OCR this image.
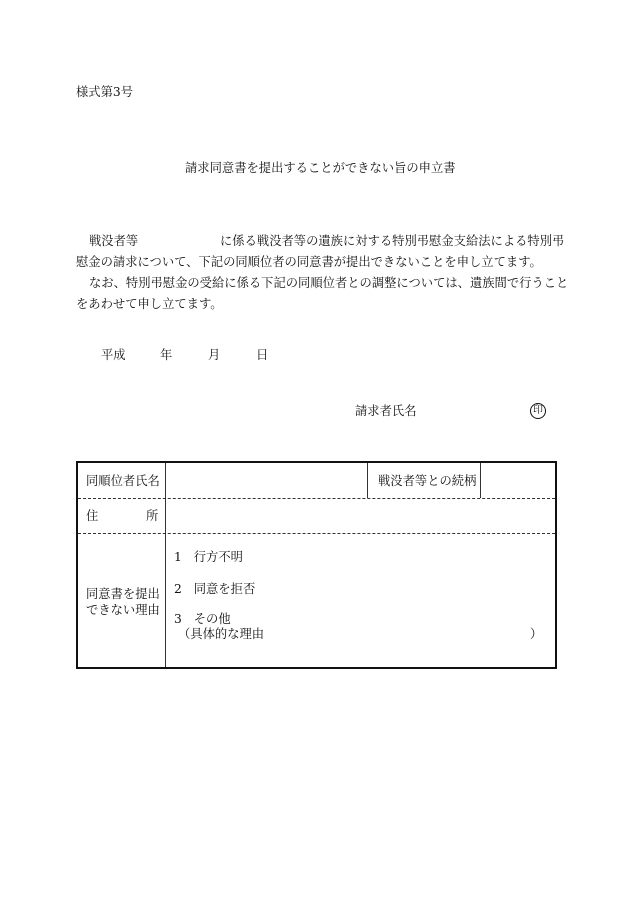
様式第3号
請求同意書を提出することができない旨の申立書
戦没者等	に係る戦没者等の遺族に対する特別弔慰金支給法による特別弔
慰金の請求について、下記の同順位者の同意書が提出できないことを申し立てます。
なお、特別弔慰金の受給に係る下記の同順位者との調整については、遺族間で行うこと
をあわせて申し立てます。
平成	年	月	日
請求者氏名	印
同順位者氏名	戦没者等との続柄
住	所
同意書を提出
できない理由
1 行方不明
2 同意を拒否
3 その他
（具体的な理由	）
